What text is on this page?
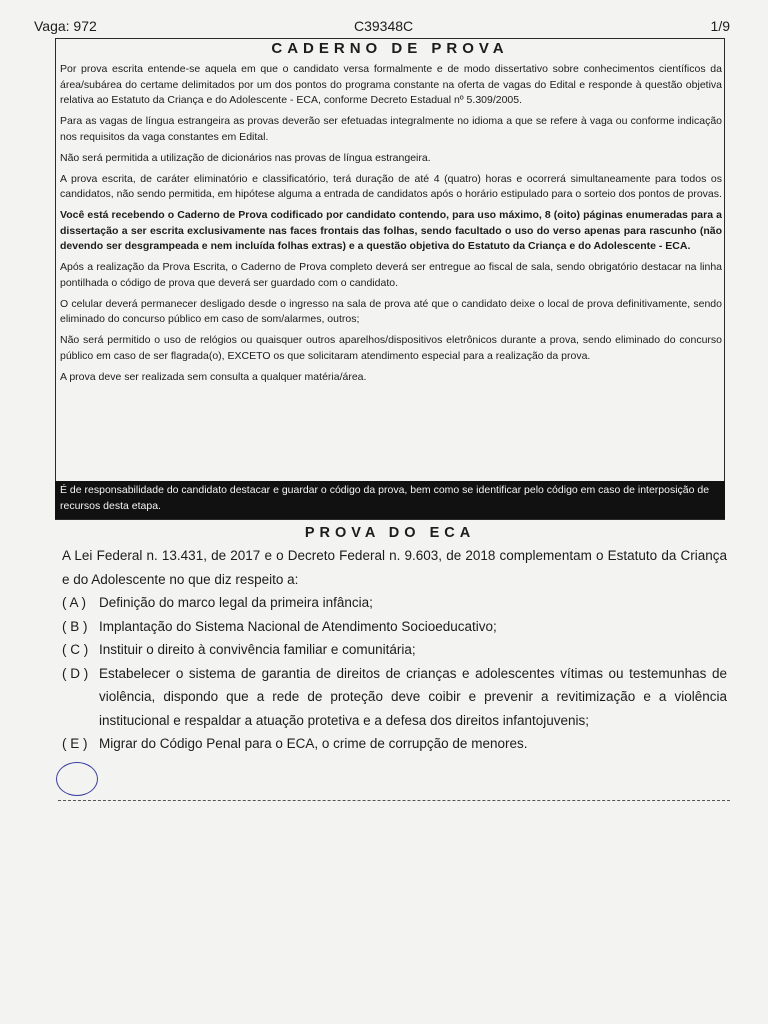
Vaga: 972	C39348C	1/9
CADERNO DE PROVA

Por prova escrita entende-se aquela em que o candidato versa formalmente e de modo dissertativo sobre conhecimentos científicos da área/subárea do certame delimitados por um dos pontos do programa constante na oferta de vagas do Edital e responde à questão objetiva relativa ao Estatuto da Criança e do Adolescente - ECA, conforme Decreto Estadual nº 5.309/2005.

Para as vagas de língua estrangeira as provas deverão ser efetuadas integralmente no idioma a que se refere à vaga ou conforme indicação nos requisitos da vaga constantes em Edital.

Não será permitida a utilização de dicionários nas provas de língua estrangeira.

A prova escrita, de caráter eliminatório e classificatório, terá duração de até 4 (quatro) horas e ocorrerá simultaneamente para todos os candidatos, não sendo permitida, em hipótese alguma a entrada de candidatos após o horário estipulado para o sorteio dos pontos de provas.

Você está recebendo o Caderno de Prova codificado por candidato contendo, para uso máximo, 8 (oito) páginas enumeradas para a dissertação a ser escrita exclusivamente nas faces frontais das folhas, sendo facultado o uso do verso apenas para rascunho (não devendo ser desgrampeada e nem incluída folhas extras) e a questão objetiva do Estatuto da Criança e do Adolescente - ECA.

Após a realização da Prova Escrita, o Caderno de Prova completo deverá ser entregue ao fiscal de sala, sendo obrigatório destacar na linha pontilhada o código de prova que deverá ser guardado com o candidato.

O celular deverá permanecer desligado desde o ingresso na sala de prova até que o candidato deixe o local de prova definitivamente, sendo eliminado do concurso público em caso de som/alarmes, outros;

Não será permitido o uso de relógios ou quaisquer outros aparelhos/dispositivos eletrônicos durante a prova, sendo eliminado do concurso público em caso de ser flagrada(o), EXCETO os que solicitaram atendimento especial para a realização da prova.

A prova deve ser realizada sem consulta a qualquer matéria/área.

É de responsabilidade do candidato destacar e guardar o código da prova, bem como se identificar pelo código em caso de interposição de recursos desta etapa.
PROVA DO ECA

A Lei Federal n. 13.431, de 2017 e o Decreto Federal n. 9.603, de 2018 complementam o Estatuto da Criança e do Adolescente no que diz respeito a:

( A ) Definição do marco legal da primeira infância;
( B ) Implantação do Sistema Nacional de Atendimento Socioeducativo;
( C ) Instituir o direito à convivência familiar e comunitária;
( D ) Estabelecer o sistema de garantia de direitos de crianças e adolescentes vítimas ou testemunhas de violência, dispondo que a rede de proteção deve coibir e prevenir a revitimização e a violência institucional e respaldar a atuação protetiva e a defesa dos direitos infantojuvenis;
( E ) Migrar do Código Penal para o ECA, o crime de corrupção de menores.
